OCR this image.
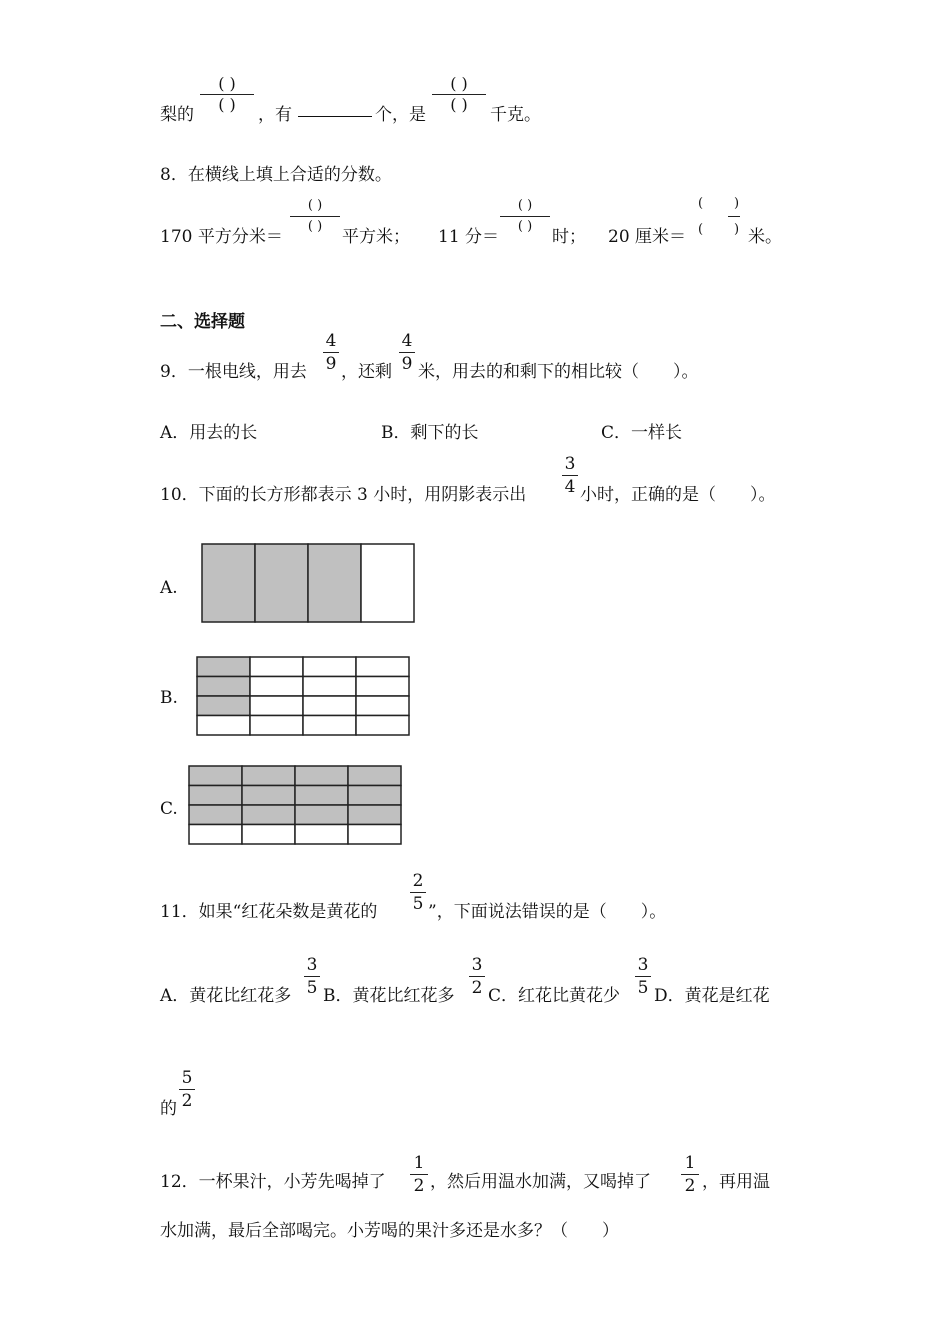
梨的
( )
( )
，有	个，是
( )
( )
千克。
8．在横线上填上合适的分数。
170 平方分米＝
( )
( )
平方米； 11 分＝
( )
( )
时； 20 厘米＝
( )
( ) 米。
二、选择题
9．一根电线，用去
4
9 ，还剩
4
9 米，用去的和剩下的相比较（　　）。
A．用去的长	B．剩下的长	C．一样长
10．下面的长方形都表示 3 小时，用阴影表示出
3
4 小时，正确的是（　　）。
A.
B.
C.
11．如果“红花朵数是黄花的
2
5 ”，下面说法错误的是（　　）。
A．黄花比红花多
3
5 B．黄花比红花多
3
2 C．红花比黄花少
3
5 D．黄花是红花
的
5
2
12．一杯果汁，小芳先喝掉了
1
2 ，然后用温水加满，又喝掉了
1
2 ，再用温
水加满，最后全部喝完。小芳喝的果汁多还是水多？（　　）
